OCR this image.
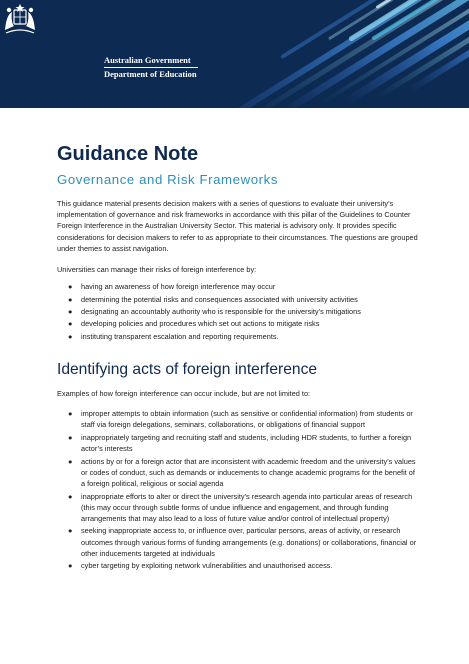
Australian Government
Department of Education
Guidance Note
Governance and Risk Frameworks

This guidance material presents decision makers with a series of questions to evaluate their university’s implementation of governance and risk frameworks in accordance with this pillar of the Guidelines to Counter Foreign Interference in the Australian University Sector. This material is advisory only. It provides specific considerations for decision makers to refer to as appropriate to their circumstances. The questions are grouped under themes to assist navigation.

Universities can manage their risks of foreign interference by:

● having an awareness of how foreign interference may occur
● determining the potential risks and consequences associated with university activities
● designating an accountably authority who is responsible for the university’s mitigations
● developing policies and procedures which set out actions to mitigate risks
● instituting transparent escalation and reporting requirements.
Identifying acts of foreign interference

Examples of how foreign interference can occur include, but are not limited to:

● improper attempts to obtain information (such as sensitive or confidential information) from students or staff via foreign delegations, seminars, collaborations, or obligations of financial support
● inappropriately targeting and recruiting staff and students, including HDR students, to further a foreign actor’s interests
● actions by or for a foreign actor that are inconsistent with academic freedom and the university’s values or codes of conduct, such as demands or inducements to change academic programs for the benefit of a foreign political, religious or social agenda
● inappropriate efforts to alter or direct the university’s research agenda into particular areas of research (this may occur through subtle forms of undue influence and engagement, and through funding arrangements that may also lead to a loss of future value and/or control of intellectual property)
● seeking inappropriate access to, or influence over, particular persons, areas of activity, or research outcomes through various forms of funding arrangements (e.g. donations) or collaborations, financial or other inducements targeted at individuals
● cyber targeting by exploiting network vulnerabilities and unauthorised access.
